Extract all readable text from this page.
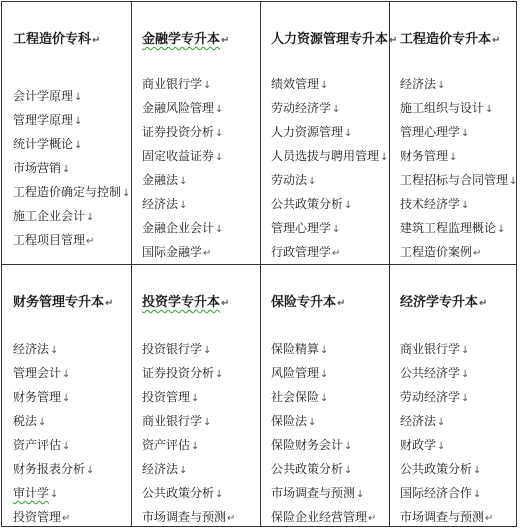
工程造价专科↵
会计学原理↓
管理学原理↓
统计学概论↓
市场营销↓
工程造价确定与控制↓
施工企业会计↓
工程项目管理↵
金融学专升本↵
商业银行学↓
金融风险管理↓
证券投资分析↓
固定收益证券↓
金融法↓
经济法↓
金融企业会计↓
国际金融学↵
人力资源管理专升本↵
绩效管理↓
劳动经济学↓
人力资源管理↓
人员选拔与聘用管理↓
劳动法↓
公共政策分析↓
管理心理学↓
行政管理学↵
工程造价专升本↵
经济法↓
施工组织与设计↓
管理心理学↓
财务管理↓
工程招标与合同管理↓
技术经济学↓
建筑工程监理概论↓
工程造价案例↵
财务管理专升本↵
经济法↓
管理会计↓
财务管理↓
税法↓
资产评估↓
财务报表分析↓
审计学↓
投资管理↵
投资学专升本↵
投资银行学↓
证券投资分析↓
投资管理↓
商业银行学↓
资产评估↓
经济法↓
公共政策分析↓
市场调查与预测↵
保险专升本↵
保险精算↓
风险管理↓
社会保险↓
保险法↓
保险财务会计↓
公共政策分析↓
市场调查与预测↓
保险企业经营管理↵
经济学专升本↵
商业银行学↓
公共经济学↓
劳动经济学↓
经济法↓
财政学↓
公共政策分析↓
国际经济合作↓
市场调查与预测↵
